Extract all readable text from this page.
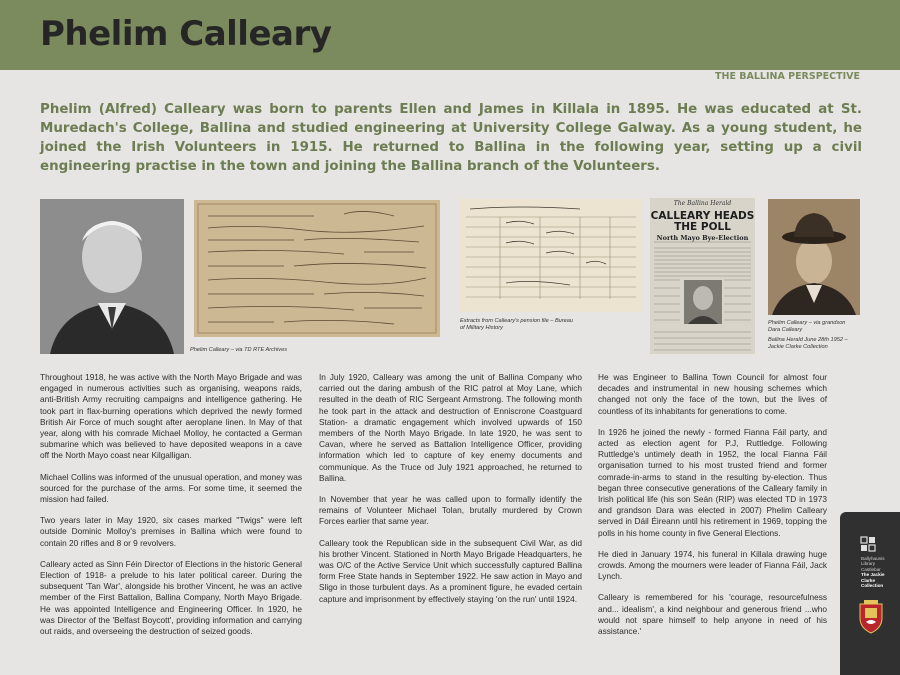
Phelim Calleary
CÓGADH NA SAOIRSE – THE WAR OF INDEPENDENCE
THE BALLINA PERSPECTIVE
Phelim (Alfred) Calleary was born to parents Ellen and James in Killala in 1895. He was educated at St. Muredach's College, Ballina and studied engineering at University College Galway. As a young student, he joined the Irish Volunteers in 1915. He returned to Ballina in the following year, setting up a civil engineering practise in the town and joining the Ballina branch of the Volunteers.
Phelim Calleary – via TD RTE Archives
Extracts from Calleary's pension file – Bureau
of Military History
The Ballina Herald
CALLEARY HEADS
THE POLL
North Mayo Bye-Election
Phelim Calleary – via grandson
Dara Calleary
Ballina Herald June 28th 1952 –
Jackie Clarke Collection

Throughout 1918, he was active with the North Mayo Brigade and was engaged in numerous activities such as organising, weapons raids, anti-British Army recruiting campaigns and intelligence gathering. He took part in flax-burning operations which deprived the newly formed British Air Force of much sought after aeroplane linen. In May of that year, along with his comrade Michael Molloy, he contacted a German submarine which was believed to have deposited weapons in a cave off the North Mayo coast near Kilgalligan.

Michael Collins was informed of the unusual operation, and money was sourced for the purchase of the arms. For some time, it seemed the mission had failed.

Two years later in May 1920, six cases marked "Twigs" were left outside Dominic Molloy's premises in Ballina which were found to contain 20 rifles and 8 or 9 revolvers.

Calleary acted as Sinn Féin Director of Elections in the historic General Election of 1918- a prelude to his later political career. During the subsequent 'Tan War', alongside his brother Vincent, he was an active member of the First Battalion, Ballina Company, North Mayo Brigade. He was appointed Intelligence and Engineering Officer. In 1920, he was Director of the 'Belfast Boycott', providing information and carrying out raids, and overseeing the destruction of seized goods.

In July 1920, Calleary was among the unit of Ballina Company who carried out the daring ambush of the RIC patrol at Moy Lane, which resulted in the death of RIC Sergeant Armstrong. The following month he took part in the attack and destruction of Enniscrone Coastguard Station- a dramatic engagement which involved upwards of 150 members of the North Mayo Brigade. In late 1920, he was sent to Cavan, where he served as Battalion Intelligence Officer, providing information which led to capture of key enemy documents and communique. As the Truce od July 1921 approached, he returned to Ballina.

In November that year he was called upon to formally identify the remains of Volunteer Michael Tolan, brutally murdered by Crown Forces earlier that same year.

Calleary took the Republican side in the subsequent Civil War, as did his brother Vincent. Stationed in North Mayo Brigade Headquarters, he was O/C of the Active Service Unit which successfully captured Ballina form Free State hands in September 1922. He saw action in Mayo and Sligo in those turbulent days. As a prominent figure, he evaded certain capture and imprisonment by effectively staying 'on the run' until 1924.

He was Engineer to Ballina Town Council for almost four decades and instrumental in new housing schemes which changed not only the face of the town, but the lives of countless of its inhabitants for generations to come.

In 1926 he joined the newly - formed Fianna Fáil party, and acted as election agent for P.J, Ruttledge. Following Ruttledge's untimely death in 1952, the local Fianna Fáil organisation turned to his most trusted friend and former comrade-in-arms to stand in the resulting by-election. Thus began three consecutive generations of the Calleary family in Irish political life (his son Seán (RIP) was elected TD in 1973 and grandson Dara was elected in 2007) Phelim Calleary served in Dáil Éireann until his retirement in 1969, topping the polls in his home county in five General Elections.

He died in January 1974, his funeral in Killala drawing huge crowds. Among the mourners were leader of Fianna Fáil, Jack Lynch.

Calleary is remembered for his 'courage, resourcefulness and... idealism', a kind neighbour and generous friend ...who would not spare himself to help anyone in need of his assistance.'

Ballyhaunis
Library
Castlebar
The Jackie
Clarke
Collection
